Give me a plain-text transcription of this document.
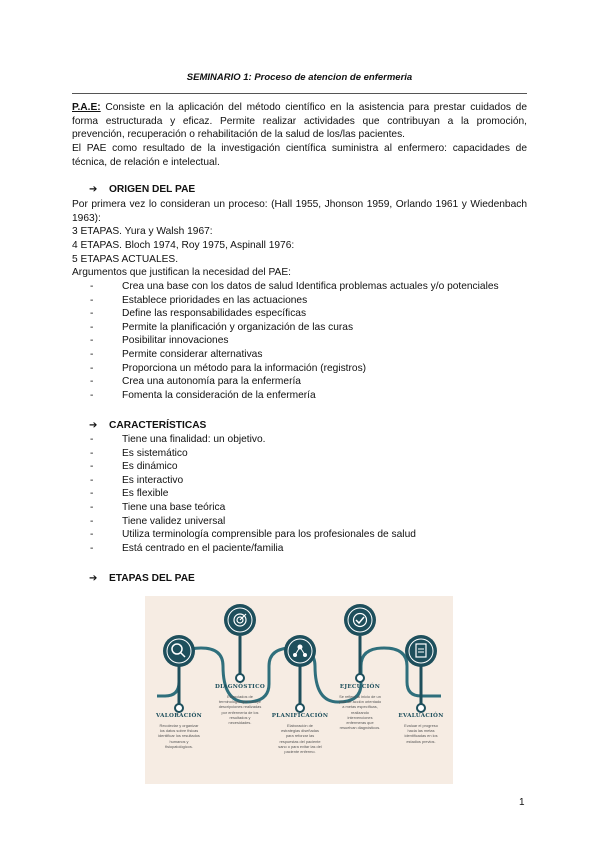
SEMINARIO 1: Proceso de atencion de enfermeria
P.A.E: Consiste en la aplicación del método científico en la asistencia para prestar cuidados de forma estructurada y eficaz. Permite realizar actividades que contribuyan a la promoción, prevención, recuperación o rehabilitación de la salud de los/las pacientes.
El PAE como resultado de la investigación científica suministra al enfermero: capacidades de técnica, de relación e intelectual.
➔ ORIGEN DEL PAE
Por primera vez lo consideran un proceso: (Hall 1955, Jhonson 1959, Orlando 1961 y Wiedenbach 1963):
3 ETAPAS. Yura y Walsh 1967:
4 ETAPAS. Bloch 1974, Roy 1975, Aspinall 1976:
5 ETAPAS ACTUALES.
Argumentos que justifican la necesidad del PAE:
-	Crea una base con los datos de salud Identifica problemas actuales y/o potenciales
-	Establece prioridades en las actuaciones
-	Define las responsabilidades específicas
-	Permite la planificación y organización de las curas
-	Posibilitar innovaciones
-	Permite considerar alternativas
-	Proporciona un método para la información (registros)
-	Crea una autonomía para la enfermería
-	Fomenta la consideración de la enfermería
➔ CARACTERÍSTICAS
-	Tiene una finalidad: un objetivo.
-	Es sistemático
-	Es dinámico
-	Es interactivo
-	Es flexible
-	Tiene una base teórica
-	Tiene validez universal
-	Utiliza terminología comprensible para los profesionales de salud
-	Está centrado en el paciente/familia
➔ ETAPAS DEL PAE
VALORACIÓN
Recolectar y organizar los datos sobre físicas identificar los resultados humanos y fisiopatológicos.
DIAGNÓSTICO
Enunciados de terminología que incluye descripciones realizadas por enfermería de los resultados y necesidades.
PLANIFICACIÓN
Elaboración de estrategias diseñadas para reforzar las respuestas del paciente sano o para evitar las del paciente enfermo.
EJECUCIÓN
Se refiere al inicio de un plan de acción orientado a metas específicas, realizando intervenciones enfermeras que resuelvan diagnósticos.
EVALUACIÓN
Evaluar el progreso hacia las metas identificadas en los estadios previos.
1
